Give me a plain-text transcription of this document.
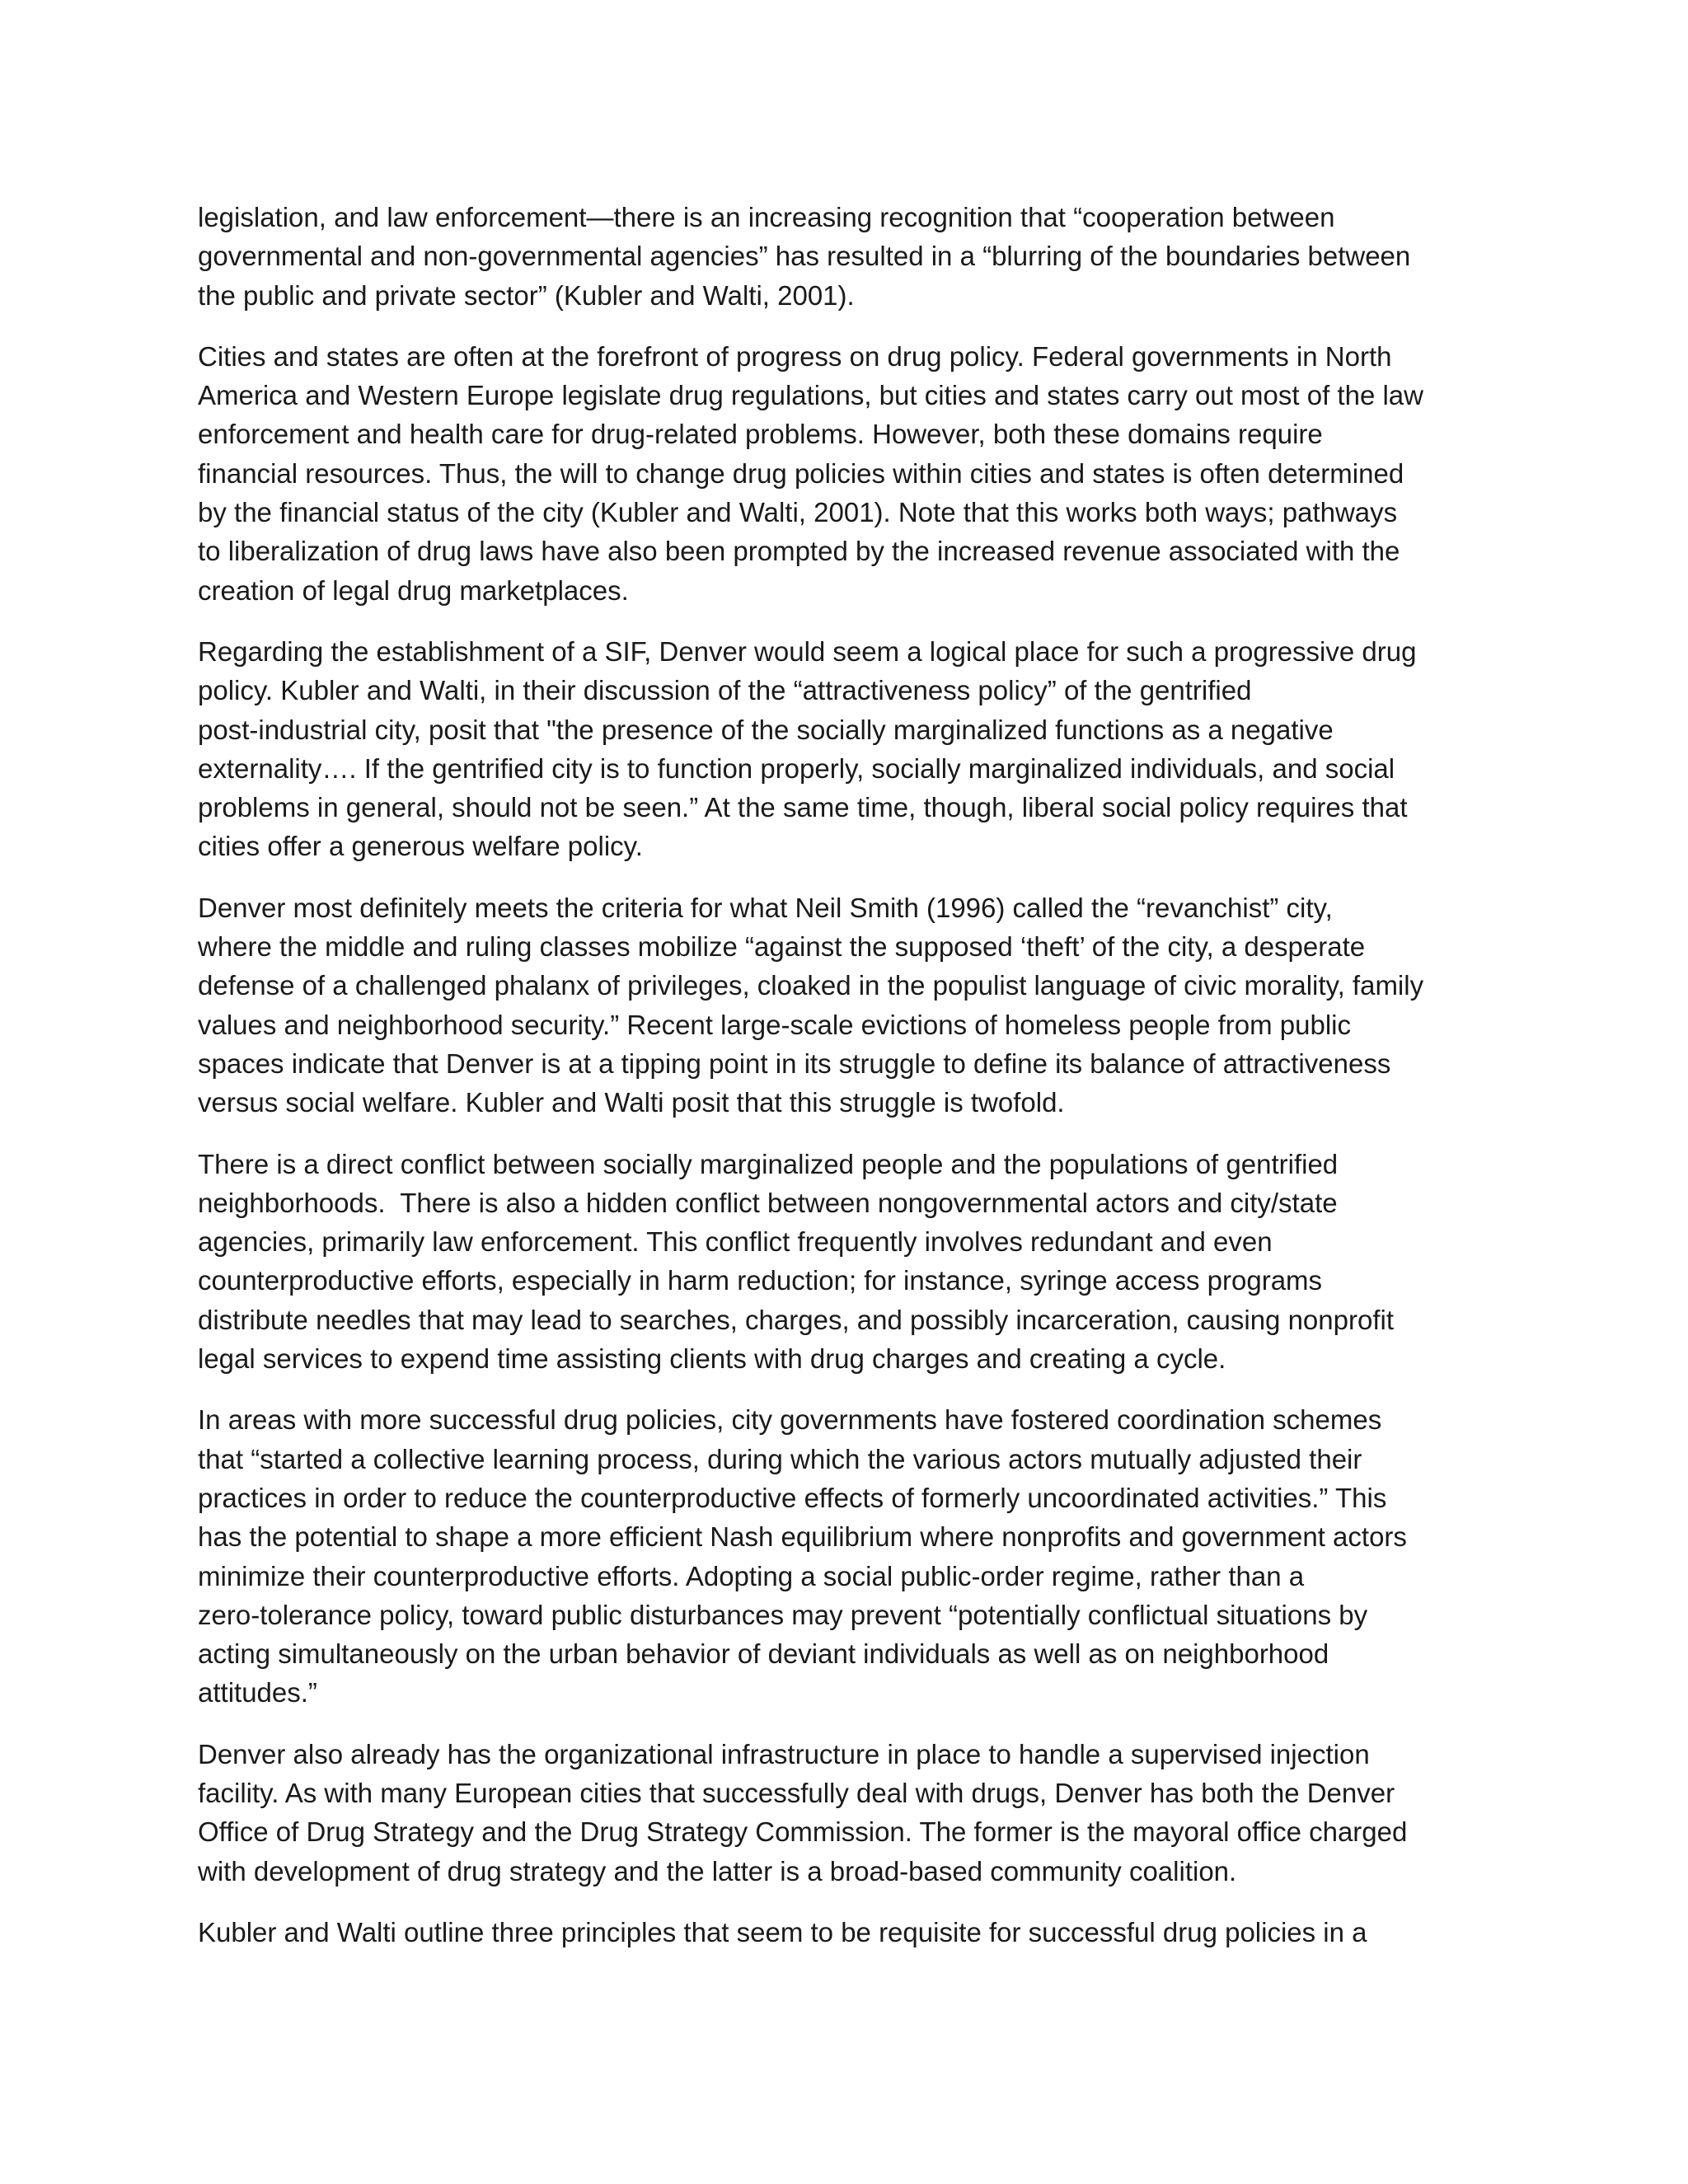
legislation, and law enforcement—there is an increasing recognition that “cooperation between
governmental and non-governmental agencies” has resulted in a “blurring of the boundaries between
the public and private sector” (Kubler and Walti, 2001).

Cities and states are often at the forefront of progress on drug policy. Federal governments in North
America and Western Europe legislate drug regulations, but cities and states carry out most of the law
enforcement and health care for drug-related problems. However, both these domains require
financial resources. Thus, the will to change drug policies within cities and states is often determined
by the financial status of the city (Kubler and Walti, 2001). Note that this works both ways; pathways
to liberalization of drug laws have also been prompted by the increased revenue associated with the
creation of legal drug marketplaces.

Regarding the establishment of a SIF, Denver would seem a logical place for such a progressive drug
policy. Kubler and Walti, in their discussion of the “attractiveness policy” of the gentrified
post-industrial city, posit that "the presence of the socially marginalized functions as a negative
externality…. If the gentrified city is to function properly, socially marginalized individuals, and social
problems in general, should not be seen.” At the same time, though, liberal social policy requires that
cities offer a generous welfare policy.

Denver most definitely meets the criteria for what Neil Smith (1996) called the “revanchist” city,
where the middle and ruling classes mobilize “against the supposed ‘theft’ of the city, a desperate
defense of a challenged phalanx of privileges, cloaked in the populist language of civic morality, family
values and neighborhood security.” Recent large-scale evictions of homeless people from public
spaces indicate that Denver is at a tipping point in its struggle to define its balance of attractiveness
versus social welfare. Kubler and Walti posit that this struggle is twofold.

There is a direct conflict between socially marginalized people and the populations of gentrified
neighborhoods.  There is also a hidden conflict between nongovernmental actors and city/state
agencies, primarily law enforcement. This conflict frequently involves redundant and even
counterproductive efforts, especially in harm reduction; for instance, syringe access programs
distribute needles that may lead to searches, charges, and possibly incarceration, causing nonprofit
legal services to expend time assisting clients with drug charges and creating a cycle.

In areas with more successful drug policies, city governments have fostered coordination schemes
that “started a collective learning process, during which the various actors mutually adjusted their
practices in order to reduce the counterproductive effects of formerly uncoordinated activities.” This
has the potential to shape a more efficient Nash equilibrium where nonprofits and government actors
minimize their counterproductive efforts. Adopting a social public-order regime, rather than a
zero-tolerance policy, toward public disturbances may prevent “potentially conflictual situations by
acting simultaneously on the urban behavior of deviant individuals as well as on neighborhood
attitudes.”

Denver also already has the organizational infrastructure in place to handle a supervised injection
facility. As with many European cities that successfully deal with drugs, Denver has both the Denver
Office of Drug Strategy and the Drug Strategy Commission. The former is the mayoral office charged
with development of drug strategy and the latter is a broad-based community coalition.

Kubler and Walti outline three principles that seem to be requisite for successful drug policies in a
